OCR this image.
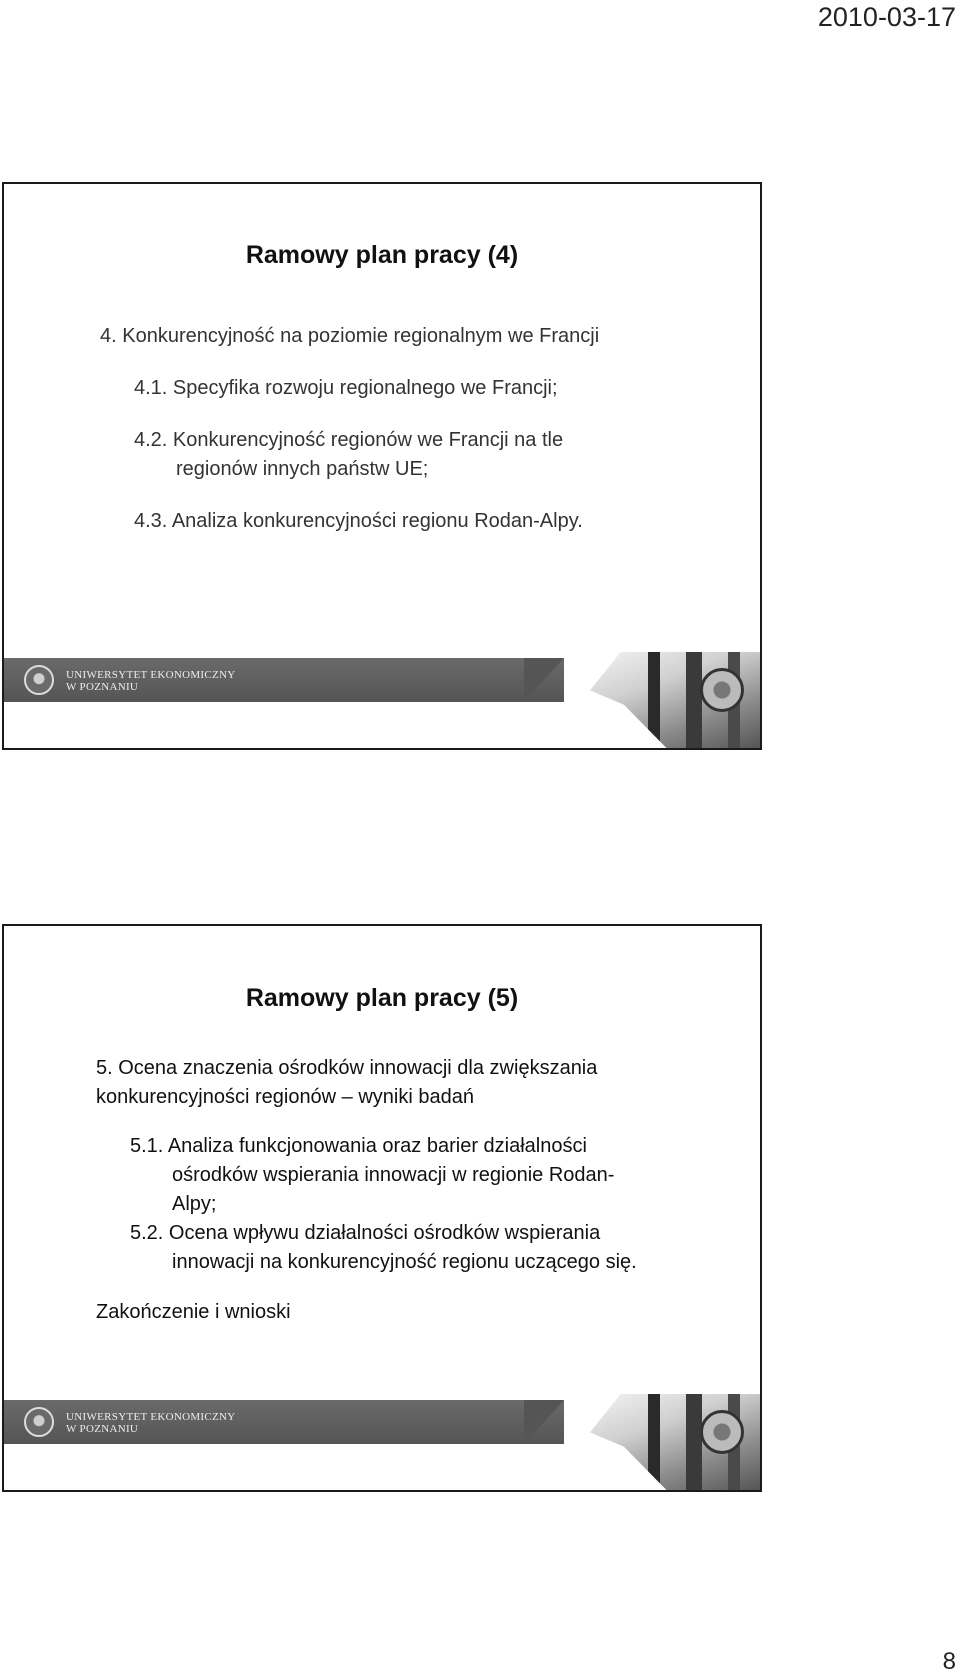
2010-03-17
Ramowy plan pracy (4)
4. Konkurencyjność na poziomie regionalnym we Francji
4.1. Specyfika rozwoju regionalnego we Francji;
4.2. Konkurencyjność regionów we Francji na tle
regionów innych państw UE;
4.3. Analiza konkurencyjności regionu Rodan-Alpy.
UNIWERSYTET EKONOMICZNY
W POZNANIU
Ramowy plan pracy (5)
5. Ocena znaczenia ośrodków innowacji dla zwiększania
konkurencyjności regionów – wyniki badań
5.1. Analiza funkcjonowania oraz barier działalności
ośrodków wspierania innowacji w regionie Rodan-
Alpy;
5.2. Ocena wpływu działalności ośrodków wspierania
innowacji na konkurencyjność regionu uczącego się.
Zakończenie i wnioski
UNIWERSYTET EKONOMICZNY
W POZNANIU
8
